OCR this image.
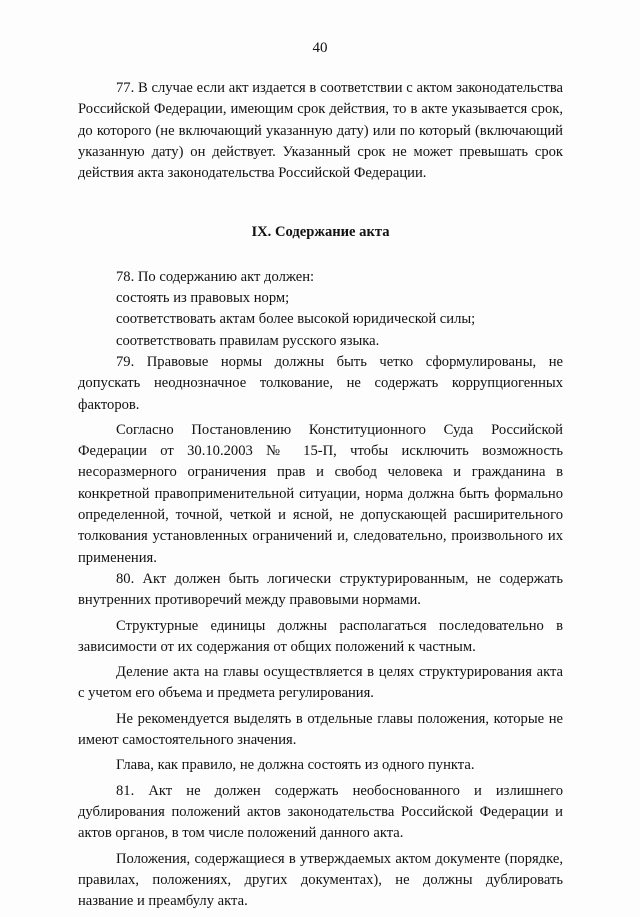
40

77. В случае если акт издается в соответствии с актом законодательства Российской Федерации, имеющим срок действия, то в акте указывается срок, до которого (не включающий указанную дату) или по который (включающий указанную дату) он действует. Указанный срок не может превышать срок действия акта законодательства Российской Федерации.

IX. Содержание акта

78. По содержанию акт должен:

состоять из правовых норм;

соответствовать актам более высокой юридической силы;

соответствовать правилам русского языка.

79. Правовые нормы должны быть четко сформулированы, не допускать неоднозначное толкование, не содержать коррупциогенных факторов.

Согласно Постановлению Конституционного Суда Российской Федерации от 30.10.2003 № 15-П, чтобы исключить возможность несоразмерного ограничения прав и свобод человека и гражданина в конкретной правоприменительной ситуации, норма должна быть формально определенной, точной, четкой и ясной, не допускающей расширительного толкования установленных ограничений и, следовательно, произвольного их применения.

80. Акт должен быть логически структурированным, не содержать внутренних противоречий между правовыми нормами.

Структурные единицы должны располагаться последовательно в зависимости от их содержания от общих положений к частным.

Деление акта на главы осуществляется в целях структурирования акта с учетом его объема и предмета регулирования.

Не рекомендуется выделять в отдельные главы положения, которые не имеют самостоятельного значения.

Глава, как правило, не должна состоять из одного пункта.

81. Акт не должен содержать необоснованного и излишнего дублирования положений актов законодательства Российской Федерации и актов органов, в том числе положений данного акта.

Положения, содержащиеся в утверждаемых актом документе (порядке, правилах, положениях, других документах), не должны дублировать название и преамбулу акта.
